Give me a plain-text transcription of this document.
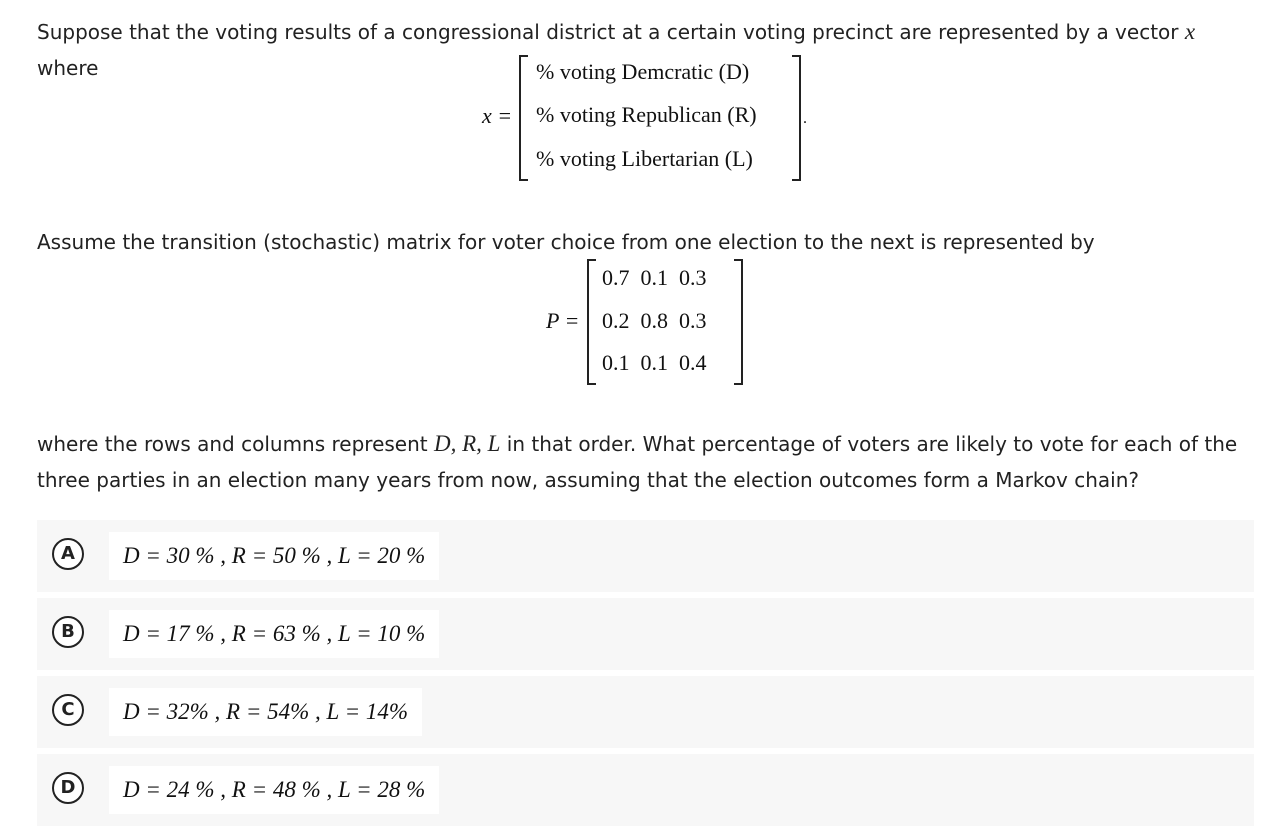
Suppose that the voting results of a congressional district at a certain voting precinct are represented by a vector x where

x =
% voting Demcratic (D)
% voting Republican (R)
% voting Libertarian (L)
.

Assume the transition (stochastic) matrix for voter choice from one election to the next is represented by

P =
0.7  0.1  0.3
0.2  0.8  0.3
0.1  0.1  0.4

where the rows and columns represent D, R, L in that order. What percentage of voters are likely to vote for each of the three parties in an election many years from now, assuming that the election outcomes form a Markov chain?

A	D = 30 % , R = 50 % , L = 20 %
B	D = 17 % , R = 63 % , L = 10 %
C	D = 32% , R = 54% , L = 14%
D	D = 24 % , R = 48 % , L = 28 %
